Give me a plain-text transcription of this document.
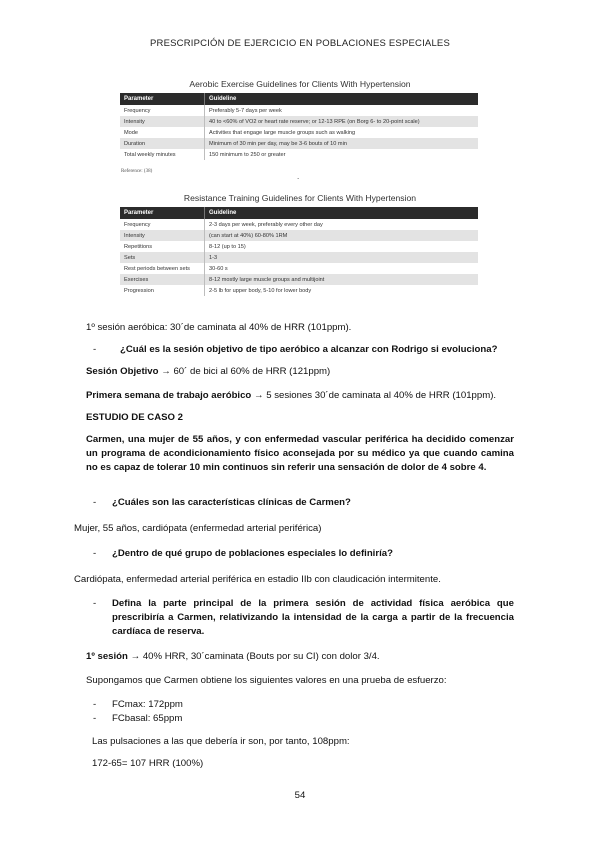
PRESCRIPCIÓN DE EJERCICIO EN POBLACIONES ESPECIALES
Aerobic Exercise Guidelines for Clients With Hypertension
Parameter	Guideline
Frequency	Preferably 5-7 days per week
Intensity	40 to <60% of VO2 or heart rate reserve; or 12-13 RPE (on Borg 6- to 20-point scale)
Mode	Activities that engage large muscle groups such as walking
Duration	Minimum of 30 min per day, may be 3-6 bouts of 10 min
Total weekly minutes	150 minimum to 250 or greater
Reference: (38)
.
Resistance Training Guidelines for Clients With Hypertension
Parameter	Guideline
Frequency	2-3 days per week, preferably every other day
Intensity	(can start at 40%) 60-80% 1RM
Repetitions	8-12 (up to 15)
Sets	1-3
Rest periods between sets	30-60 s
Exercises	8-12 mostly large muscle groups and multijoint
Progression	2-5 lb for upper body, 5-10 for lower body
1º sesión aeróbica: 30´de caminata al 40% de HRR (101ppm).
- ¿Cuál es la sesión objetivo de tipo aeróbico a alcanzar con Rodrigo si evoluciona?
Sesión Objetivo → 60´ de bici al 60% de HRR (121ppm)
Primera semana de trabajo aeróbico → 5 sesiones 30´de caminata al 40% de HRR (101ppm).
ESTUDIO DE CASO 2
Carmen, una mujer de 55 años, y con enfermedad vascular periférica ha decidido comenzar un programa de acondicionamiento físico aconsejada por su médico ya que cuando camina no es capaz de tolerar 10 min continuos sin referir una sensación de dolor de 4 sobre 4.
- ¿Cuáles son las características clínicas de Carmen?
Mujer, 55 años, cardiópata (enfermedad arterial periférica)
- ¿Dentro de qué grupo de poblaciones especiales lo definiría?
Cardiópata, enfermedad arterial periférica en estadio IIb con claudicación intermitente.
- Defina la parte principal de la primera sesión de actividad física aeróbica que prescribiría a Carmen, relativizando la intensidad de la carga a partir de la frecuencia cardíaca de reserva.
1º sesión → 40% HRR, 30´caminata (Bouts por su CI) con dolor 3/4.
Supongamos que Carmen obtiene los siguientes valores en una prueba de esfuerzo:
- FCmax: 172ppm
- FCbasal: 65ppm
Las pulsaciones a las que debería ir son, por tanto, 108ppm:
172-65= 107 HRR (100%)
54
